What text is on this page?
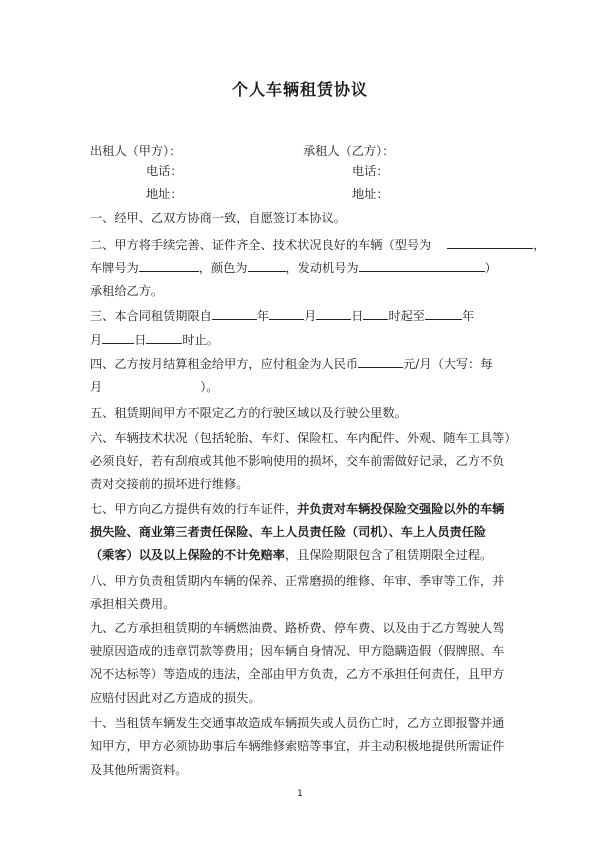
个人车辆租赁协议
出租人（甲方）：	承租人（乙方）：
电话：	电话：
地址：	地址：
一、经甲、乙双方协商一致，自愿签订本协议。
二、甲方将手续完善、证件齐全、技术状况良好的车辆（型号为	，
车牌号为	，颜色为	，发动机号为	）
承租给乙方。
三、本合同租赁期限自	年	月	日 时起至	年
月	日	时止。
四、乙方按月结算租金给甲方，应付租金为人民币	元/月（大写：每
月	）。
五、租赁期间甲方不限定乙方的行驶区域以及行驶公里数。
六、车辆技术状况（包括轮胎、车灯、保险杠、车内配件、外观、随车工具等）
必须良好，若有刮痕或其他不影响使用的损坏，交车前需做好记录，乙方不负
责对交接前的损坏进行维修。
七、甲方向乙方提供有效的行车证件，并负责对车辆投保险交强险以外的车辆
损失险、商业第三者责任保险、车上人员责任险（司机）、车上人员责任险
（乘客）以及以上保险的不计免赔率，且保险期限包含了租赁期限全过程。
八、甲方负责租赁期内车辆的保养、正常磨损的维修、年审、季审等工作，并
承担相关费用。
九、乙方承担租赁期的车辆燃油费、路桥费、停车费、以及由于乙方驾驶人驾
驶原因造成的违章罚款等费用；因车辆自身情况、甲方隐瞒造假（假牌照、车
况不达标等）等造成的违法，全部由甲方负责，乙方不承担任何责任，且甲方
应赔付因此对乙方造成的损失。
十、当租赁车辆发生交通事故造成车辆损失或人员伤亡时，乙方立即报警并通
知甲方，甲方必须协助事后车辆维修索赔等事宜，并主动积极地提供所需证件
及其他所需资料。
1
